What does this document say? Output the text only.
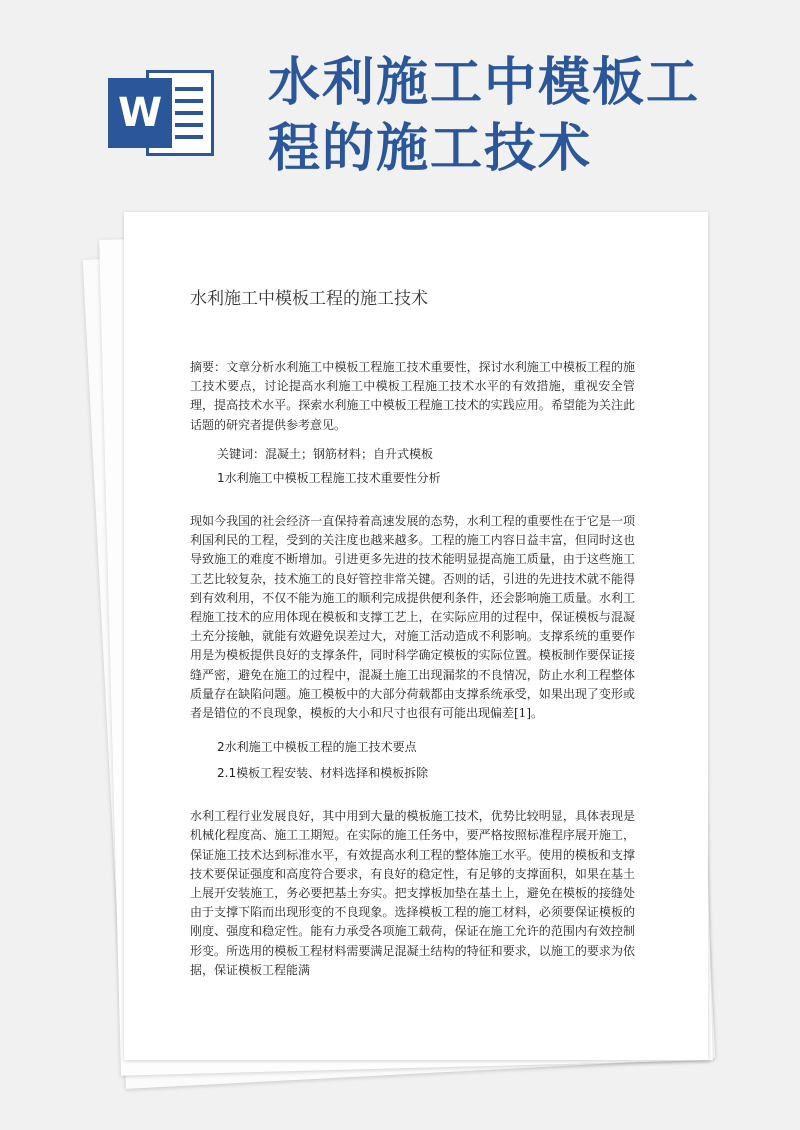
W 水利施工中模板工程的施工技术
水利施工中模板工程的施工技术

摘要：文章分析水利施工中模板工程施工技术重要性，探讨水利施工中模板工程的施工技术要点，讨论提高水利施工中模板工程施工技术水平的有效措施，重视安全管理，提高技术水平。探索水利施工中模板工程施工技术的实践应用。希望能为关注此话题的研究者提供参考意见。

关键词：混凝土；钢筋材料；自升式模板

1水利施工中模板工程施工技术重要性分析

现如今我国的社会经济一直保持着高速发展的态势，水利工程的重要性在于它是一项利国利民的工程，受到的关注度也越来越多。工程的施工内容日益丰富，但同时这也导致施工的难度不断增加。引进更多先进的技术能明显提高施工质量，由于这些施工工艺比较复杂，技术施工的良好管控非常关键。否则的话，引进的先进技术就不能得到有效利用，不仅不能为施工的顺利完成提供便利条件，还会影响施工质量。水利工程施工技术的应用体现在模板和支撑工艺上，在实际应用的过程中，保证模板与混凝土充分接触，就能有效避免误差过大，对施工活动造成不利影响。支撑系统的重要作用是为模板提供良好的支撑条件，同时科学确定模板的实际位置。模板制作要保证接缝严密，避免在施工的过程中，混凝土施工出现漏浆的不良情况，防止水利工程整体质量存在缺陷问题。施工模板中的大部分荷载都由支撑系统承受，如果出现了变形或者是错位的不良现象，模板的大小和尺寸也很有可能出现偏差[1]。

2水利施工中模板工程的施工技术要点

2.1模板工程安装、材料选择和模板拆除

水利工程行业发展良好，其中用到大量的模板施工技术，优势比较明显，具体表现是机械化程度高、施工工期短。在实际的施工任务中，要严格按照标准程序展开施工，保证施工技术达到标准水平，有效提高水利工程的整体施工水平。使用的模板和支撑技术要保证强度和高度符合要求，有良好的稳定性，有足够的支撑面积，如果在基土上展开安装施工，务必要把基土夯实。把支撑板加垫在基土上，避免在模板的接缝处由于支撑下陷而出现形变的不良现象。选择模板工程的施工材料，必须要保证模板的刚度、强度和稳定性。能有力承受各项施工载荷，保证在施工允许的范围内有效控制形变。所选用的模板工程材料需要满足混凝土结构的特征和要求，以施工的要求为依据，保证模板工程能满
